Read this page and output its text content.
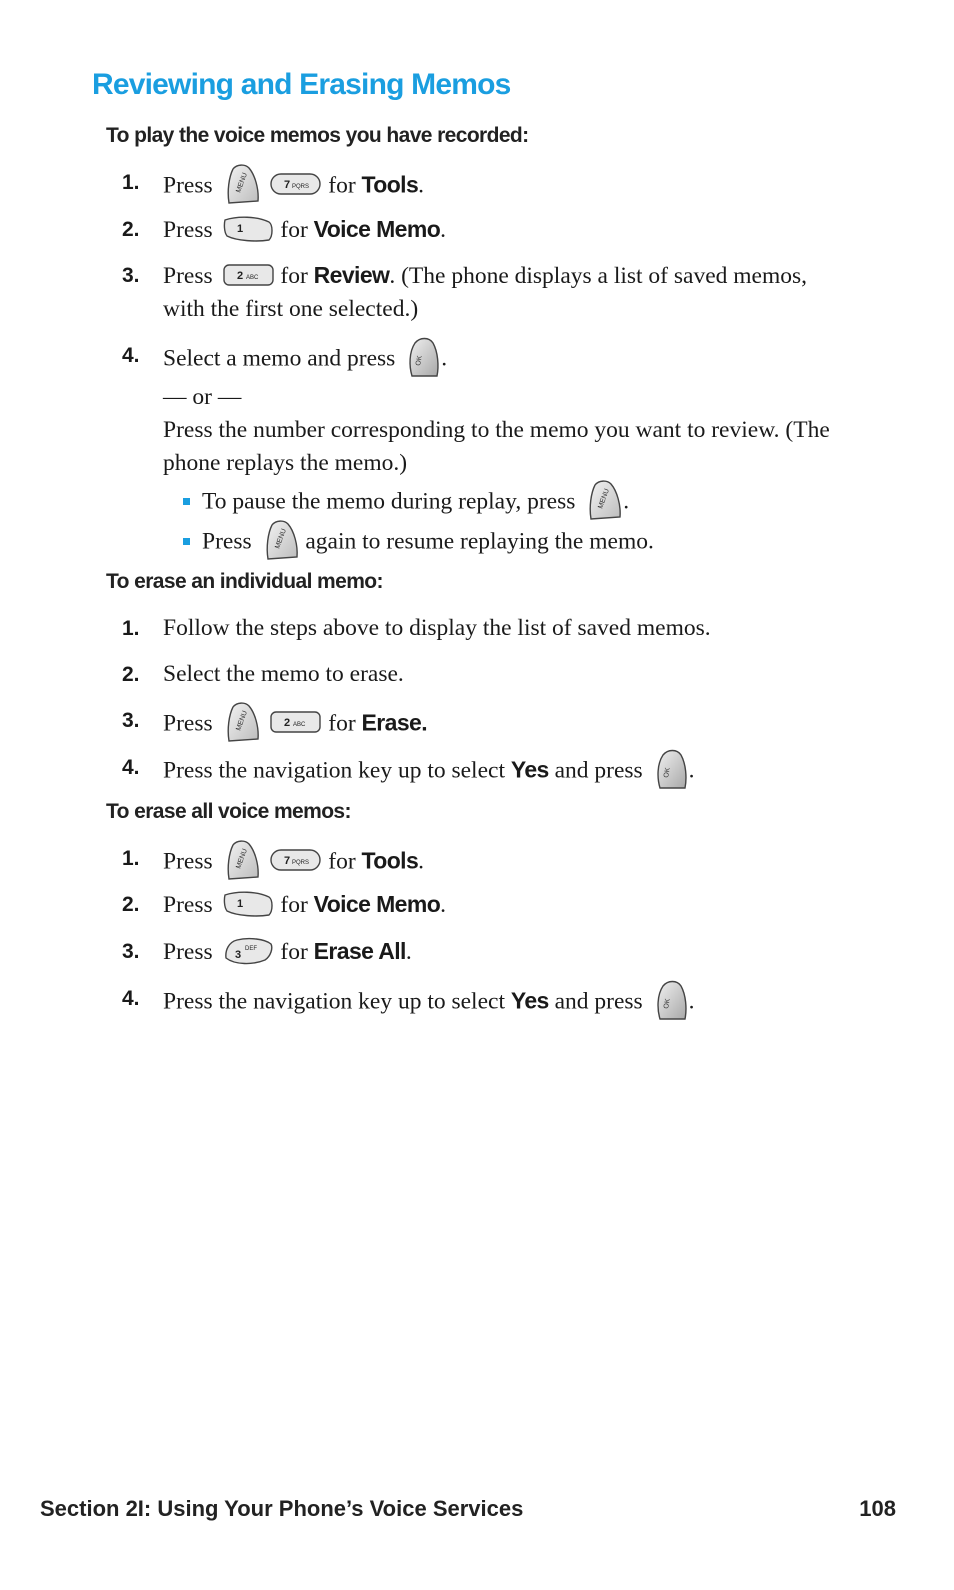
Reviewing and Erasing Memos

To play the voice memos you have recorded:

1. Press	MENU
	7 PQRS for Tools.
2. Press 1 for Voice Memo.
3. Press 2 ABC for Review. (The phone displays a list of saved memos, with the first one selected.)
4. Select a memo and press	OK .
— or —
Press the number corresponding to the memo you want to review. (The phone replays the memo.)
To pause the memo during replay, press	MENU .
Press	MENU again to resume replaying the memo.

To erase an individual memo:

1. Follow the steps above to display the list of saved memos.
2. Select the memo to erase.
3. Press	MENU
	2 ABC for Erase.
4. Press the navigation key up to select Yes and press	OK .

To erase all voice memos:

1. Press	MENU
	7 PQRS for Tools.
2. Press 1 for Voice Memo.
3. Press 3 DEF for Erase All.
4. Press the navigation key up to select Yes and press	OK .
Section 2I: Using Your Phone’s Voice Services	108
